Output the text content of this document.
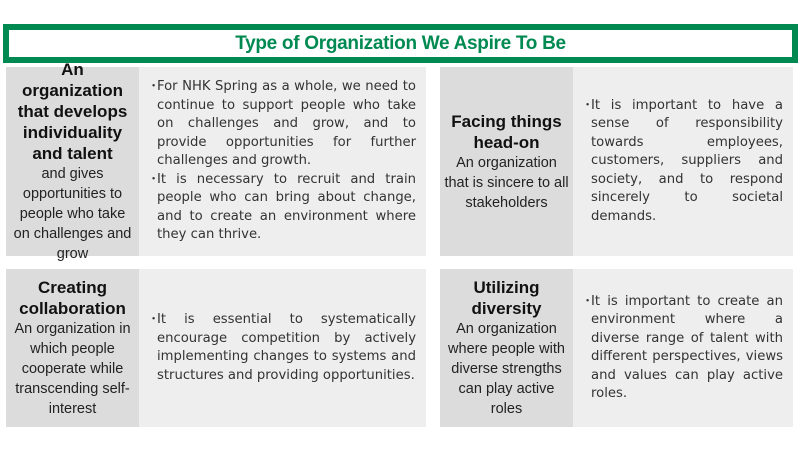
Type of Organization We Aspire To Be
An organization that develops individuality and talent
and gives opportunities to people who take on challenges and grow
・
For NHK Spring as a whole, we need to continue to support people who take on challenges and grow, and to provide opportunities for further challenges and growth.
・
It is necessary to recruit and train people who can bring about change, and to create an environment where they can thrive.
Facing things head-on
An organization that is sincere to all stakeholders
・
It is important to have a sense of responsibility towards employees, customers, suppliers and society, and to respond sincerely to societal demands.
Creating collaboration
An organization in which people cooperate while transcending self-interest
・
It is essential to systematically encourage competition by actively implementing changes to systems and structures and providing opportunities.
Utilizing diversity
An organization where people with diverse strengths can play active roles
・
It is important to create an environment where a diverse range of talent with different perspectives, views and values can play active roles.
